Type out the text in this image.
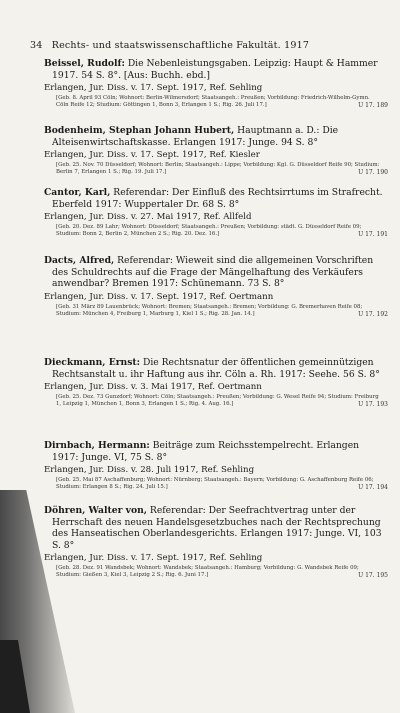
34 Rechts- und staatswissenschaftliche Fakultät. 1917
Beissel, Rudolf: Die Nebenleistungsgaben. Leipzig: Haupt & Hammer 1917. 54 S. 8°. [Aus: Buchh. ebd.]
Erlangen, Jur. Diss. v. 17. Sept. 1917, Ref. Sehling
[Geb. 8. April 93 Cöln; Wohnort: Berlin-Wilmersdorf; Staatsangeh.: Preußen; Vorbildung: Friedrich-Wilhelm-Gymn. Cöln Reife 12; Studium: Göttingen 1, Bonn 3, Erlangen 1 S.; Rig. 26. Juli 17.]	U 17. 189
Bodenheim, Stephan Johann Hubert, Hauptmann a. D.: Die Alteisenwirtschaftskasse. Erlangen 1917: Junge. 94 S. 8°
Erlangen, Jur. Diss. v. 17. Sept. 1917, Ref. Kiesler
[Geb. 25. Nov. 70 Düsseldorf; Wohnort: Berlin; Staatsangeh.: Lippe; Vorbildung: Kgl. G. Düsseldorf Reife 90; Studium: Berlin 7, Erlangen 1 S.; Rig. 19. Juli 17.]	U 17. 190
Cantor, Karl, Referendar: Der Einfluß des Rechtsirrtums im Strafrecht. Eberfeld 1917: Wuppertaler Dr. 68 S. 8°
Erlangen, Jur. Diss. v. 27. Mai 1917, Ref. Allfeld
[Geb. 20. Dez. 89 Lahr; Wohnort: Düsseldorf; Staatsangeh.: Preußen; Vorbildung: städt. G. Düsseldorf Reife 09; Studium: Bonn 2, Berlin 2, München 2 S.; Rig. 20. Dez. 16.]	U 17. 191
Dacts, Alfred, Referendar: Wieweit sind die allgemeinen Vorschriften des Schuldrechts auf die Frage der Mängelhaftung des Verkäufers anwendbar? Bremen 1917: Schünemann. 73 S. 8°
Erlangen, Jur. Diss. v. 17. Sept. 1917, Ref. Oertmann
[Geb. 31 März 89 Lauenbrück; Wohnort: Bremen; Staatsangeh.: Bremen; Vorbildung: G. Bremerhaven Reife 08; Studium: München 4, Freiburg 1, Marburg 1, Kiel 1 S.; Rig. 28. Jan. 14.]	U 17. 192
Dieckmann, Ernst: Die Rechtsnatur der öffentlichen gemeinnützigen Rechtsanstalt u. ihr Haftung aus ihr. Cöln a. Rh. 1917: Seehe. 56 S. 8°
Erlangen, Jur. Diss. v. 3. Mai 1917, Ref. Oertmann
[Geb. 25. Dez. 73 Gunzdorf; Wohnort: Cöln; Staatsangeh.: Preußen; Vorbildung: G. Wesel Reife 94; Studium: Freiburg 1, Leipzig 1, München 1, Bonn 3, Erlangen 1 S.; Rig. 4. Aug. 16.]	U 17. 193
Dirnbach, Hermann: Beiträge zum Reichsstempelrecht. Erlangen 1917: Junge. VI, 75 S. 8°
Erlangen, Jur. Diss. v. 28. Juli 1917, Ref. Sehling
[Geb. 25. Mai 87 Aschaffenburg; Wohnort: Nürnberg; Staatsangeh.: Bayern; Vorbildung: G. Aschaffenburg Reife 06; Studium: Erlangen 8 S.; Rig. 24. Juli 15.]	U 17. 194
Döhren, Walter von, Referendar: Der Seefrachtvertrag unter der Herrschaft des neuen Handelsgesetzbuches nach der Rechtsprechung des Hanseatischen Oberlandesgerichts. Erlangen 1917: Junge. VI, 103 S. 8°
Erlangen, Jur. Diss. v. 17. Sept. 1917, Ref. Sehling
[Geb. 28. Dez. 91 Wandsbek; Wohnort: Wandsbek; Staatsangeh.: Hamburg; Vorbildung: G. Wandsbek Reife 09; Studium: Gießen 3, Kiel 3, Leipzig 2 S.; Rig. 6. Juni 17.]	U 17. 195
